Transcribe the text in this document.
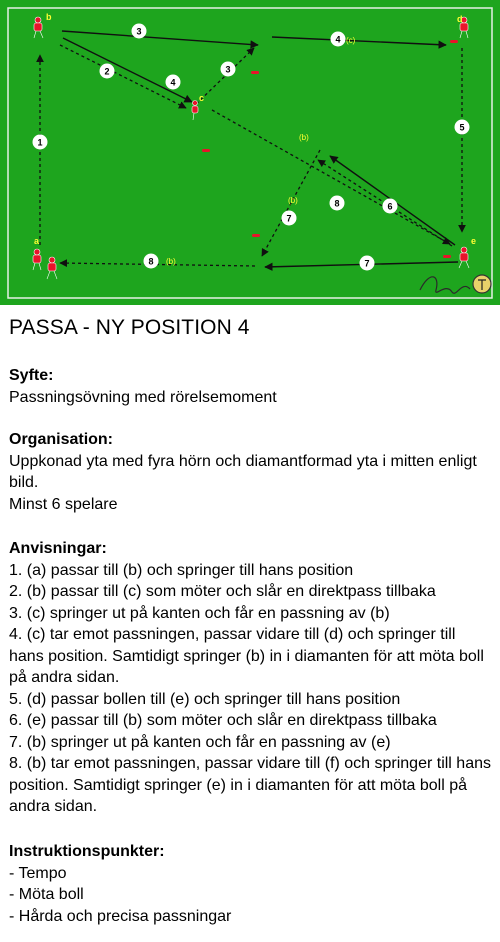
b
c
d
a	e
(c)
(b)
(b)
(b)
1
2
3
3
4
4
5
6
7
7
8
8
PASSA - NY POSITION 4
Syfte:
Passningsövning med rörelsemoment
Organisation:
Uppkonad yta med fyra hörn och diamantformad yta i mitten enligt bild.
Minst 6 spelare
Anvisningar:
1. (a) passar till (b) och springer till hans position
2. (b) passar till (c) som möter och slår en direktpass tillbaka
3. (c) springer ut på kanten och får en passning av (b)
4. (c) tar emot passningen, passar vidare till (d) och springer till hans position. Samtidigt springer (b) in i diamanten för att möta boll på andra sidan.
5. (d) passar bollen till (e) och springer till hans position
6. (e) passar till (b) som möter och slår en direktpass tillbaka
7. (b) springer ut på kanten och får en passning av (e)
8. (b) tar emot passningen, passar vidare till (f) och springer till hans position. Samtidigt springer (e) in i diamanten för att möta boll på andra sidan.
Instruktionspunkter:
- Tempo
- Möta boll
- Hårda och precisa passningar
